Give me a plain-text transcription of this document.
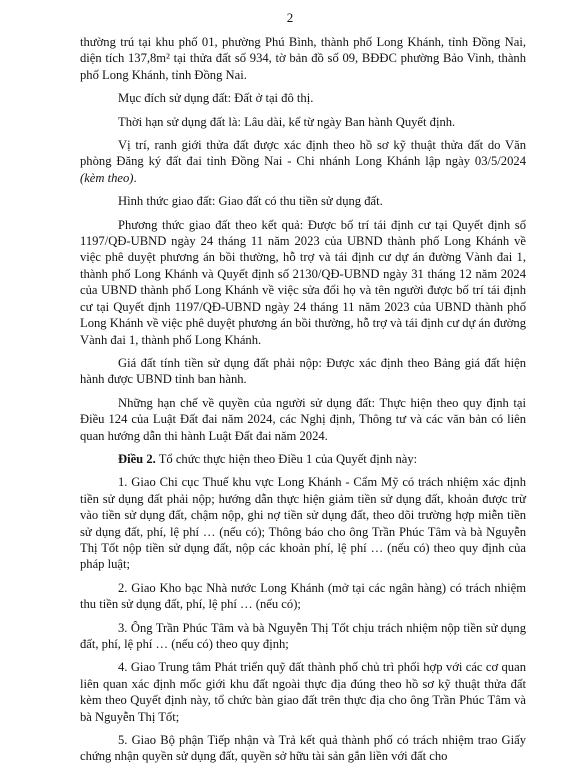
2

thường trú tại khu phố 01, phường Phú Bình, thành phố Long Khánh, tỉnh Đồng Nai, diện tích 137,8m² tại thửa đất số 934, tờ bản đồ số 09, BĐĐC phường Bảo Vinh, thành phố Long Khánh, tỉnh Đồng Nai.

Mục đích sử dụng đất: Đất ở tại đô thị.

Thời hạn sử dụng đất là: Lâu dài, kể từ ngày Ban hành Quyết định.

Vị trí, ranh giới thửa đất được xác định theo hồ sơ kỹ thuật thửa đất do Văn phòng Đăng ký đất đai tỉnh Đồng Nai - Chi nhánh Long Khánh lập ngày 03/5/2024 (kèm theo).

Hình thức giao đất: Giao đất có thu tiền sử dụng đất.

Phương thức giao đất theo kết quả: Được bố trí tái định cư tại Quyết định số 1197/QĐ-UBND ngày 24 tháng 11 năm 2023 của UBND thành phố Long Khánh về việc phê duyệt phương án bồi thường, hỗ trợ và tái định cư dự án đường Vành đai 1, thành phố Long Khánh và Quyết định số 2130/QĐ-UBND ngày 31 tháng 12 năm 2024 của UBND thành phố Long Khánh về việc sửa đổi họ và tên người được bố trí tái định cư tại Quyết định 1197/QĐ-UBND ngày 24 tháng 11 năm 2023 của UBND thành phố Long Khánh về việc phê duyệt phương án bồi thường, hỗ trợ và tái định cư dự án đường Vành đai 1, thành phố Long Khánh.

Giá đất tính tiền sử dụng đất phải nộp: Được xác định theo Bảng giá đất hiện hành được UBND tỉnh ban hành.

Những hạn chế về quyền của người sử dụng đất: Thực hiện theo quy định tại Điều 124 của Luật Đất đai năm 2024, các Nghị định, Thông tư và các văn bản có liên quan hướng dẫn thi hành Luật Đất đai năm 2024.

Điều 2. Tổ chức thực hiện theo Điều 1 của Quyết định này:

1. Giao Chi cục Thuế khu vực Long Khánh - Cẩm Mỹ có trách nhiệm xác định tiền sử dụng đất phải nộp; hướng dẫn thực hiện giảm tiền sử dụng đất, khoản được trừ vào tiền sử dụng đất, chậm nộp, ghi nợ tiền sử dụng đất, theo dõi trường hợp miễn tiền sử dụng đất, phí, lệ phí … (nếu có); Thông báo cho ông Trần Phúc Tâm và bà Nguyễn Thị Tốt nộp tiền sử dụng đất, nộp các khoản phí, lệ phí … (nếu có) theo quy định của pháp luật;

2. Giao Kho bạc Nhà nước Long Khánh (mở tại các ngân hàng) có trách nhiệm thu tiền sử dụng đất, phí, lệ phí … (nếu có);

3. Ông Trần Phúc Tâm và bà Nguyễn Thị Tốt chịu trách nhiệm nộp tiền sử dụng đất, phí, lệ phí … (nếu có) theo quy định;

4. Giao Trung tâm Phát triển quỹ đất thành phố chủ trì phối hợp với các cơ quan liên quan xác định mốc giới khu đất ngoài thực địa đúng theo hồ sơ kỹ thuật thửa đất kèm theo Quyết định này, tổ chức bàn giao đất trên thực địa cho ông Trần Phúc Tâm và bà Nguyễn Thị Tốt;

5. Giao Bộ phận Tiếp nhận và Trả kết quả thành phố có trách nhiệm trao Giấy chứng nhận quyền sử dụng đất, quyền sở hữu tài sản gắn liền với đất cho
